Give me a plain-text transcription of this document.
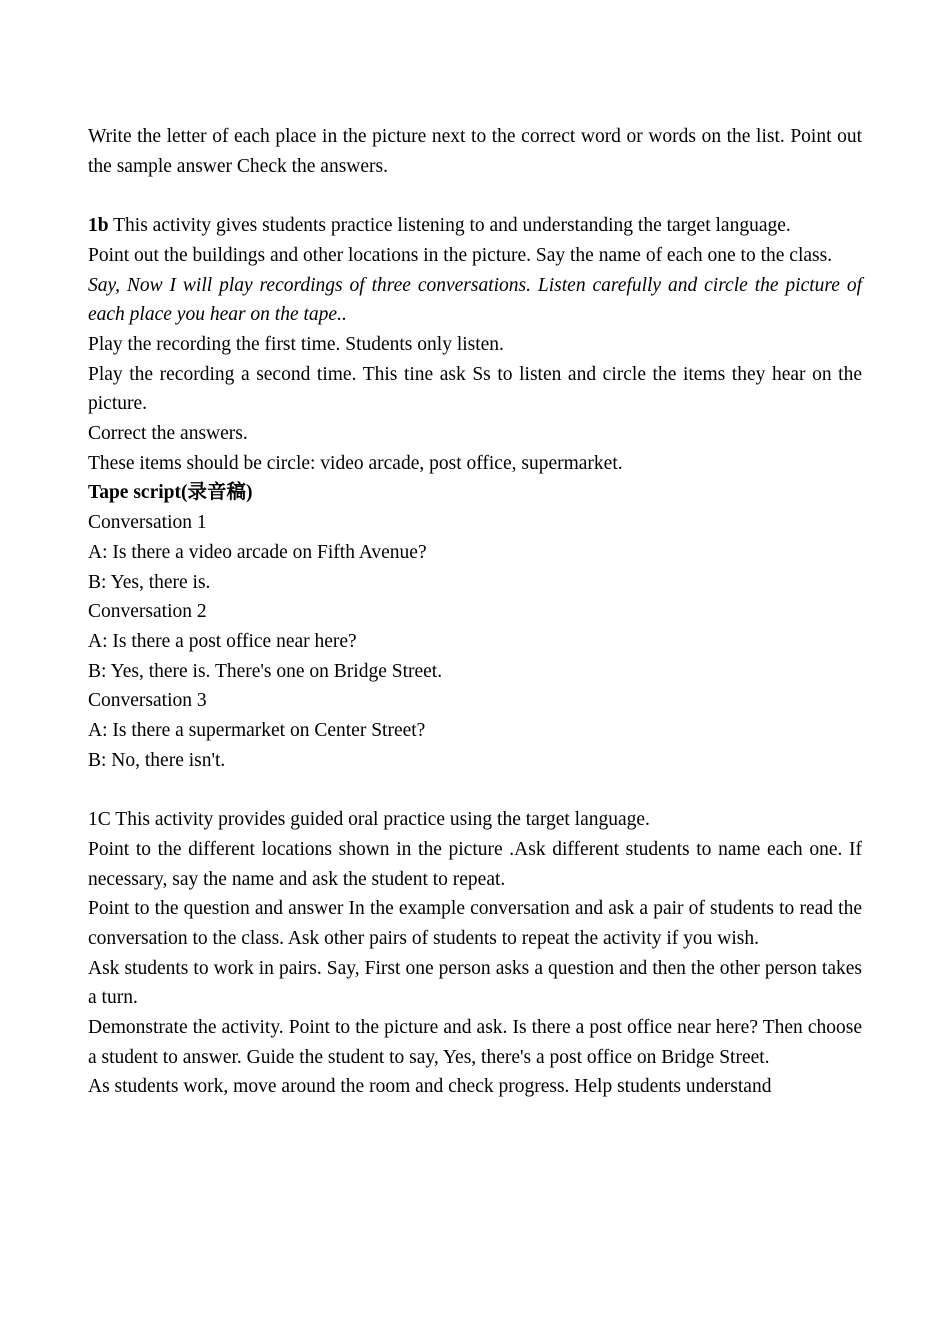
Write the letter of each place in the picture next to the correct word or words on the list. Point out the sample answer Check the answers.

1b This activity gives students practice listening to and understanding the target language.

Point out the buildings and other locations in the picture. Say the name of each one to the class.

Say, Now I will play recordings of three conversations. Listen carefully and circle the picture of each place you hear on the tape..

Play the recording the first time. Students only listen.

Play the recording a second time. This tine ask Ss to listen and circle the items they hear on the picture.

Correct the answers.

These items should be circle: video arcade, post office, supermarket.

Tape script(录音稿)

Conversation 1

A: Is there a video arcade on Fifth Avenue?

B: Yes, there is.

Conversation 2

A: Is there a post office near here?

B: Yes, there is. There's one on Bridge Street.

Conversation 3

A: Is there a supermarket on Center Street?

B: No, there isn't.

1C This activity provides guided oral practice using the target language.

Point to the different locations shown in the picture .Ask different students to name each one. If necessary, say the name and ask the student to repeat.

Point to the question and answer In the example conversation and ask a pair of students to read the conversation to the class. Ask other pairs of students to repeat the activity if you wish.

Ask students to work in pairs. Say, First one person asks a question and then the other person takes a turn.

Demonstrate the activity. Point to the picture and ask. Is there a post office near here? Then choose a student to answer. Guide the student to say, Yes, there's a post office on Bridge Street.

As students work, move around the room and check progress. Help students understand
